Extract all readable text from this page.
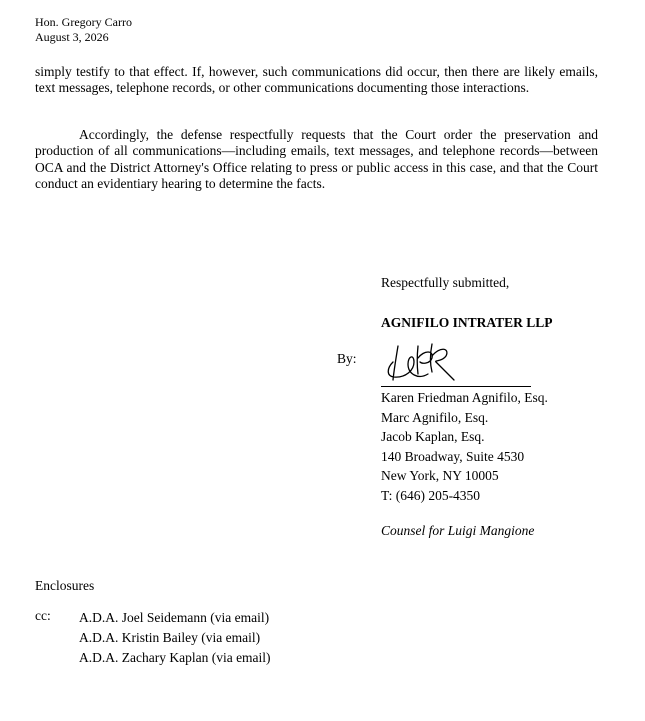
Hon. Gregory Carro
August 3, 2026

simply testify to that effect. If, however, such communications did occur, then there are likely emails, text messages, telephone records, or other communications documenting those interactions.

Accordingly, the defense respectfully requests that the Court order the preservation and production of all communications—including emails, text messages, and telephone records—between OCA and the District Attorney's Office relating to press or public access in this case, and that the Court conduct an evidentiary hearing to determine the facts.

Respectfully submitted,
AGNIFILO INTRATER LLP
By:
Karen Friedman Agnifilo, Esq.
Marc Agnifilo, Esq.
Jacob Kaplan, Esq.
140 Broadway, Suite 4530
New York, NY 10005
T: (646) 205-4350
Counsel for Luigi Mangione
Enclosures
cc: A.D.A. Joel Seidemann (via email)
A.D.A. Kristin Bailey (via email)
A.D.A. Zachary Kaplan (via email)
